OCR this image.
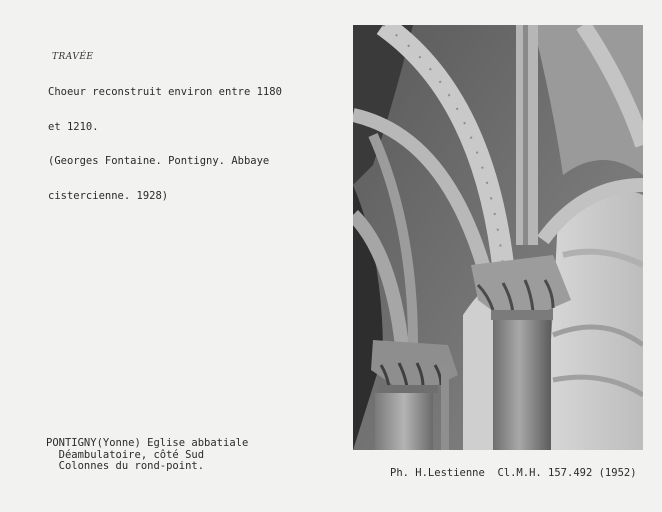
TRAVÉE

Choeur reconstruit environ entre 1180

et 1210.

(Georges Fontaine. Pontigny. Abbaye

cistercienne. 1928)

PONTIGNY(Yonne) Eglise abbatiale
Déambulatoire, côté Sud
Colonnes du rond-point.
Ph. H.Lestienne  Cl.M.H. 157.492 (1952)
